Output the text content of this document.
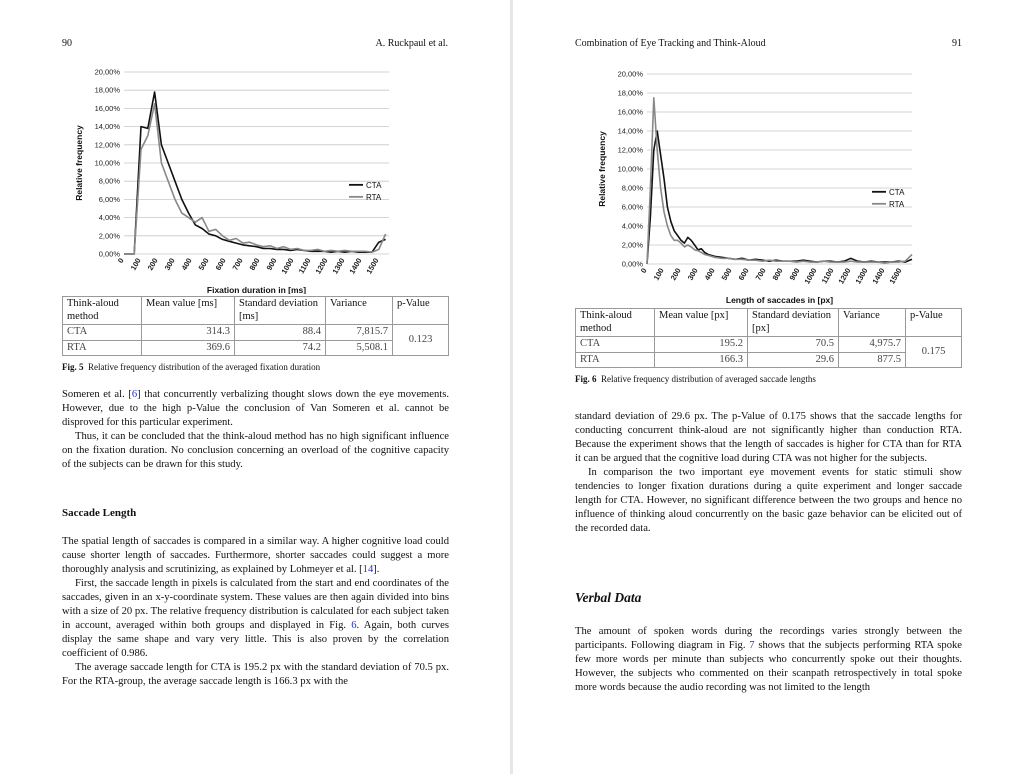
90	A. Ruckpaul et al.
0,00%
2,00%
4,00%
6,00%
8,00%
10,00%
12,00%
14,00%
16,00%
18,00%
20,00%
0 100 200 300 400 500 600 700 800 900 1000 1100 1200 1300 1400 1500
Fixation duration in [ms]
Relative frequency	CTA
RTA
Think-aloud method	Mean value [ms]	Standard deviation [ms]	Variance	p-Value
CTA	314.3	88.4	7,815.7	0.123
RTA	369.6	74.2	5,508.1	
Fig. 5 Relative frequency distribution of the averaged fixation duration

Someren et al. [6] that concurrently verbalizing thought slows down the eye movements. However, due to the high p-Value the conclusion of Van Someren et al. cannot be disproved for this particular experiment.

Thus, it can be concluded that the think-aloud method has no high significant influence on the fixation duration. No conclusion concerning an overload of the cognitive capacity of the subjects can be drawn for this study.

Saccade Length

The spatial length of saccades is compared in a similar way. A higher cognitive load could cause shorter length of saccades. Furthermore, shorter saccades could suggest a more thoroughly analysis and scrutinizing, as explained by Lohmeyer et al. [14].

First, the saccade length in pixels is calculated from the start and end coordinates of the saccades, given in an x-y-coordinate system. These values are then again divided into bins with a size of 20 px. The relative frequency distribution is calculated for each subject taken in account, averaged within both groups and displayed in Fig. 6. Again, both curves display the same shape and vary very little. This is also proven by the correlation coefficient of 0.986.

The average saccade length for CTA is 195.2 px with the standard deviation of 70.5 px. For the RTA-group, the average saccade length is 166.3 px with the

Combination of Eye Tracking and Think-Aloud	91
0,00%
2,00%
4,00%
6,00%
8,00%
10,00%
12,00%
14,00%
16,00%
18,00%
20,00%
0 100 200 300 400 500 600 700 800 900 1000 1100 1200 1300 1400 1500
Length of saccades in [px]
Relative frequency	CTA
RTA
Think-aloud method	Mean value [px]	Standard deviation [px]	Variance	p-Value
CTA	195.2	70.5	4,975.7	0.175
RTA	166.3	29.6	877.5	
Fig. 6 Relative frequency distribution of averaged saccade lengths

standard deviation of 29.6 px. The p-Value of 0.175 shows that the saccade lengths for conducting concurrent think-aloud are not significantly higher than conduction RTA. Because the experiment shows that the length of saccades is higher for CTA than for RTA it can be argued that the cognitive load during CTA was not higher for the subjects.

In comparison the two important eye movement events for static stimuli show tendencies to longer fixation durations during a quite experiment and longer saccade length for CTA. However, no significant difference between the two groups and hence no influence of thinking aloud concurrently on the basic gaze behavior can be elicited out of the recorded data.

Verbal Data

The amount of spoken words during the recordings varies strongly between the participants. Following diagram in Fig. 7 shows that the subjects performing RTA spoke few more words per minute than subjects who concurrently spoke out their thoughts. However, the subjects who commented on their scanpath retrospectively in total spoke more words because the audio recording was not limited to the length
